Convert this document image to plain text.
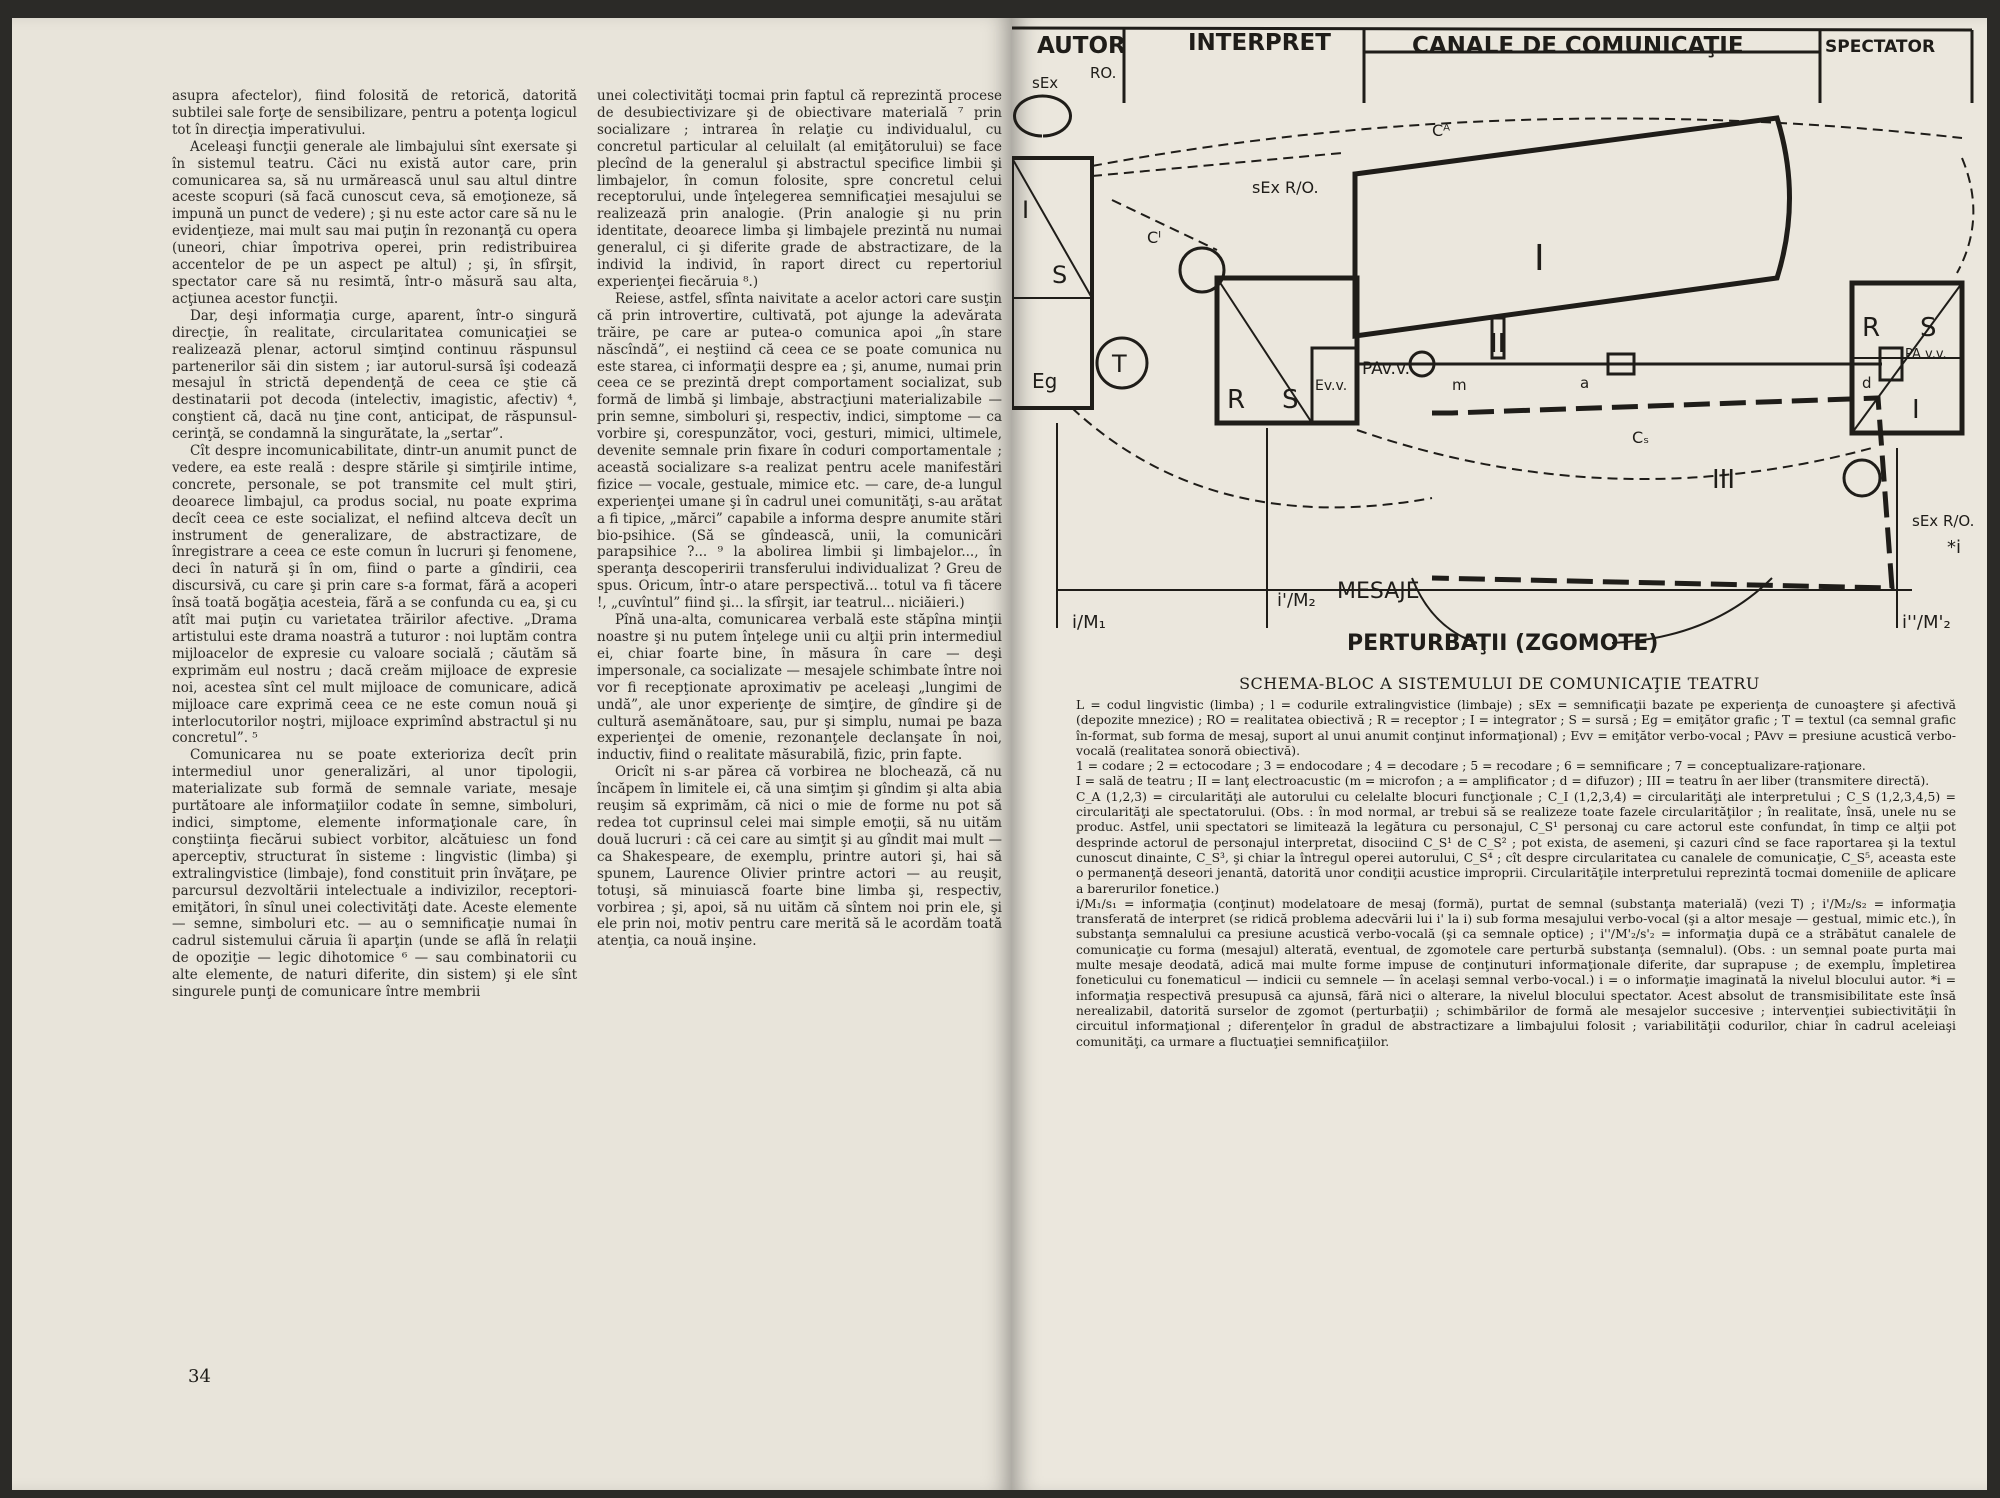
asupra afectelor), fiind folosită de retorică, datorită subtilei sale forţe de sensibilizare, pentru a potenţa logicul tot în direcţia imperativului.

Aceleaşi funcţii generale ale limbajului sînt exersate şi în sistemul teatru. Căci nu există autor care, prin comunicarea sa, să nu urmărească unul sau altul dintre aceste scopuri (să facă cunoscut ceva, să emoţioneze, să impună un punct de vedere) ; şi nu este actor care să nu le evidenţieze, mai mult sau mai puţin în rezonanţă cu opera (uneori, chiar împotriva operei, prin redistribuirea accentelor de pe un aspect pe altul) ; şi, în sfîrşit, spectator care să nu resimtă, într-o măsură sau alta, acţiunea acestor funcţii.

Dar, deşi informaţia curge, aparent, într-o singură direcţie, în realitate, circularitatea comunicaţiei se realizează plenar, actorul simţind continuu răspunsul partenerilor săi din sistem ; iar autorul-sursă îşi codează mesajul în strictă dependenţă de ceea ce ştie că destinatarii pot decoda (intelectiv, imagistic, afectiv) ⁴, conştient că, dacă nu ţine cont, anticipat, de răspunsul-cerinţă, se condamnă la singurătate, la „sertar”.

Cît despre incomunicabilitate, dintr-un anumit punct de vedere, ea este reală : despre stările şi simţirile intime, concrete, personale, se pot transmite cel mult ştiri, deoarece limbajul, ca produs social, nu poate exprima decît ceea ce este socializat, el nefiind altceva decît un instrument de generalizare, de abstractizare, de înregistrare a ceea ce este comun în lucruri şi fenomene, deci în natură şi în om, fiind o parte a gîndirii, cea discursivă, cu care şi prin care s-a format, fără a acoperi însă toată bogăţia acesteia, fără a se confunda cu ea, şi cu atît mai puţin cu varietatea trăirilor afective. „Drama artistului este drama noastră a tuturor : noi luptăm contra mijloacelor de expresie cu valoare socială ; căutăm să exprimăm eul nostru ; dacă creăm mijloace de expresie noi, acestea sînt cel mult mijloace de comunicare, adică mijloace care exprimă ceea ce ne este comun nouă şi interlocutorilor noştri, mijloace exprimînd abstractul şi nu concretul”. ⁵

Comunicarea nu se poate exterioriza decît prin intermediul unor generalizări, al unor tipologii, materializate sub formă de semnale variate, mesaje purtătoare ale informaţiilor codate în semne, simboluri, indici, simptome, elemente informaţionale care, în conştiinţa fiecărui subiect vorbitor, alcătuiesc un fond aperceptiv, structurat în sisteme : lingvistic (limba) şi extralingvistice (limbaje), fond constituit prin învăţare, pe parcursul dezvoltării intelectuale a indivizilor, receptori-emiţători, în sînul unei colectivităţi date. Aceste elemente — semne, simboluri etc. — au o semnificaţie numai în cadrul sistemului căruia îi aparţin (unde se află în relaţii de opoziţie — legic dihotomice ⁶ — sau combinatorii cu alte elemente, de naturi diferite, din sistem) şi ele sînt singurele punţi de comunicare între membrii

unei colectivităţi tocmai prin faptul că reprezintă procese de desubiectivizare şi de obiectivare materială ⁷ prin socializare ; intrarea în relaţie cu individualul, cu concretul particular al celuilalt (al emiţătorului) se face plecînd de la generalul şi abstractul specifice limbii şi limbajelor, în comun folosite, spre concretul celui receptorului, unde înţelegerea semnificaţiei mesajului se realizează prin analogie. (Prin analogie şi nu prin identitate, deoarece limba şi limbajele prezintă nu numai generalul, ci şi diferite grade de abstractizare, de la individ la individ, în raport direct cu repertoriul experienţei fiecăruia ⁸.)

Reiese, astfel, sfînta naivitate a acelor actori care susţin că prin introvertire, cultivată, pot ajunge la adevărata trăire, pe care ar putea-o comunica apoi „în stare născîndă”, ei neştiind că ceea ce se poate comunica nu este starea, ci informaţii despre ea ; şi, anume, numai prin ceea ce se prezintă drept comportament socializat, sub formă de limbă şi limbaje, abstracţiuni materializabile — prin semne, simboluri şi, respectiv, indici, simptome — ca vorbire şi, corespunzător, voci, gesturi, mimici, ultimele, devenite semnale prin fixare în coduri comportamentale ; această socializare s-a realizat pentru acele manifestări fizice — vocale, gestuale, mimice etc. — care, de-a lungul experienţei umane şi în cadrul unei comunităţi, s-au arătat a fi tipice, „mărci” capabile a informa despre anumite stări bio-psihice. (Să se gîndească, unii, la comunicări parapsihice ?... ⁹ la abolirea limbii şi limbajelor..., în speranţa descoperirii transferului individualizat ? Greu de spus. Oricum, într-o atare perspectivă... totul va fi tăcere !, „cuvîntul” fiind şi... la sfîrşit, iar teatrul... niciăieri.)

Pînă una-alta, comunicarea verbală este stăpîna minţii noastre şi nu putem înţelege unii cu alţii prin intermediul ei, chiar foarte bine, în măsura în care — deşi impersonale, ca socializate — mesajele schimbate între noi vor fi recepţionate aproximativ pe aceleaşi „lungimi de undă”, ale unor experienţe de simţire, de gîndire şi de cultură asemănătoare, sau, pur şi simplu, numai pe baza experienţei de omenie, rezonanţele declanşate în noi, inductiv, fiind o realitate măsurabilă, fizic, prin fapte.

Oricît ni s-ar părea că vorbirea ne blochează, că nu încăpem în limitele ei, că una simţim şi gîndim şi alta abia reuşim să exprimăm, că nici o mie de forme nu pot să redea tot cuprinsul celei mai simple emoţii, să nu uităm două lucruri : că cei care au simţit şi au gîndit mai mult — ca Shakespeare, de exemplu, printre autori şi, hai să spunem, Laurence Olivier printre actori — au reuşit, totuşi, să minuiască foarte bine limba şi, respectiv, vorbirea ; şi, apoi, să nu uităm că sîntem noi prin ele, şi ele prin noi, motiv pentru care merită să le acordăm toată atenţia, ca nouă inşine.

34
AUTOR	INTERPRET	CANALE DE COMUNICAŢIE	SPECTATOR
sEx
RO.
S
I
Eg
I
R S Ev.v.
sEx R/O.
T
II
PAv.v.
m	a	d
PA v.v.
III
R S
I
sEx R/O.
*i
Cᴬ
Cᴵ
Cₛ
i/M₁
i'/M₂
i''/M'₂
MESAJE
PERTURBAŢII (ZGOMOTE)
SCHEMA-BLOC A SISTEMULUI DE COMUNICAŢIE TEATRU

L = codul lingvistic (limba) ; l = codurile extralingvistice (limbaje) ; sEx = semnificaţii bazate pe experienţa de cunoaştere şi afectivă (depozite mnezice) ; RO = realitatea obiectivă ; R = receptor ; I = integrator ; S = sursă ; Eg = emiţător grafic ; T = textul (ca semnal grafic în-format, sub forma de mesaj, suport al unui anumit conţinut informaţional) ; Evv = emiţător verbo-vocal ; PAvv = presiune acustică verbo-vocală (realitatea sonoră obiectivă).

1 = codare ; 2 = ectocodare ; 3 = endocodare ; 4 = decodare ; 5 = recodare ; 6 = semnificare ; 7 = conceptualizare-raţionare.

I = sală de teatru ; II = lanţ electroacustic (m = microfon ; a = amplificator ; d = difuzor) ; III = teatru în aer liber (transmitere directă).

C_A (1,2,3) = circularităţi ale autorului cu celelalte blocuri funcţionale ; C_I (1,2,3,4) = circularităţi ale interpretului ; C_S (1,2,3,4,5) = circularităţi ale spectatorului. (Obs. : în mod normal, ar trebui să se realizeze toate fazele circularităţilor ; în realitate, însă, unele nu se produc. Astfel, unii spectatori se limitează la legătura cu personajul, C_S¹ personaj cu care actorul este confundat, în timp ce alţii pot desprinde actorul de personajul interpretat, disociind C_S¹ de C_S² ; pot exista, de asemeni, şi cazuri cînd se face raportarea şi la textul cunoscut dinainte, C_S³, şi chiar la întregul operei autorului, C_S⁴ ; cît despre circularitatea cu canalele de comunicaţie, C_S⁵, aceasta este o permanenţă deseori jenantă, datorită unor condiţii acustice improprii. Circularităţile interpretului reprezintă tocmai domeniile de aplicare a barerurilor fonetice.)

i/M₁/s₁ = informaţia (conţinut) modelatoare de mesaj (formă), purtat de semnal (substanţa materială) (vezi T) ; i'/M₂/s₂ = informaţia transferată de interpret (se ridică problema adecvării lui i' la i) sub forma mesajului verbo-vocal (şi a altor mesaje — gestual, mimic etc.), în substanţa semnalului ca presiune acustică verbo-vocală (şi ca semnale optice) ; i''/M'₂/s'₂ = informaţia după ce a străbătut canalele de comunicaţie cu forma (mesajul) alterată, eventual, de zgomotele care perturbă substanţa (semnalul). (Obs. : un semnal poate purta mai multe mesaje deodată, adică mai multe forme impuse de conţinuturi informaţionale diferite, dar suprapuse ; de exemplu, împletirea foneticului cu fonematicul — indicii cu semnele — în acelaşi semnal verbo-vocal.) i = o informaţie imaginată la nivelul blocului autor. *i = informaţia respectivă presupusă ca ajunsă, fără nici o alterare, la nivelul blocului spectator. Acest absolut de transmisibilitate este însă nerealizabil, datorită surselor de zgomot (perturbaţii) ; schimbărilor de formă ale mesajelor succesive ; intervenţiei subiectivităţii în circuitul informaţional ; diferenţelor în gradul de abstractizare a limbajului folosit ; variabilităţii codurilor, chiar în cadrul aceleiaşi comunităţi, ca urmare a fluctuaţiei semnificaţiilor.
